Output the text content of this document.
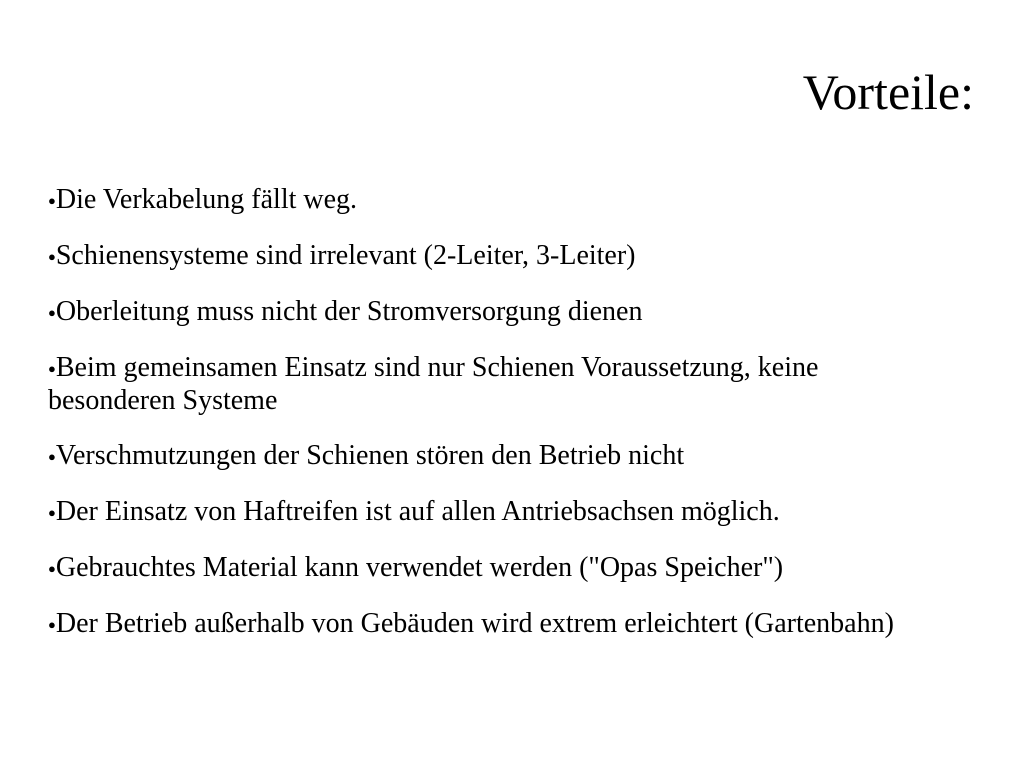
Vorteile:
●Die Verkabelung fällt weg.
●Schienensysteme sind irrelevant (2-Leiter, 3-Leiter)
●Oberleitung muss nicht der Stromversorgung dienen
●Beim gemeinsamen Einsatz sind nur Schienen Voraussetzung, keine besonderen Systeme
●Verschmutzungen der Schienen stören den Betrieb nicht
●Der Einsatz von Haftreifen ist auf allen Antriebsachsen möglich.
●Gebrauchtes Material kann verwendet werden ("Opas Speicher")
●Der Betrieb außerhalb von Gebäuden wird extrem erleichtert (Gartenbahn)
